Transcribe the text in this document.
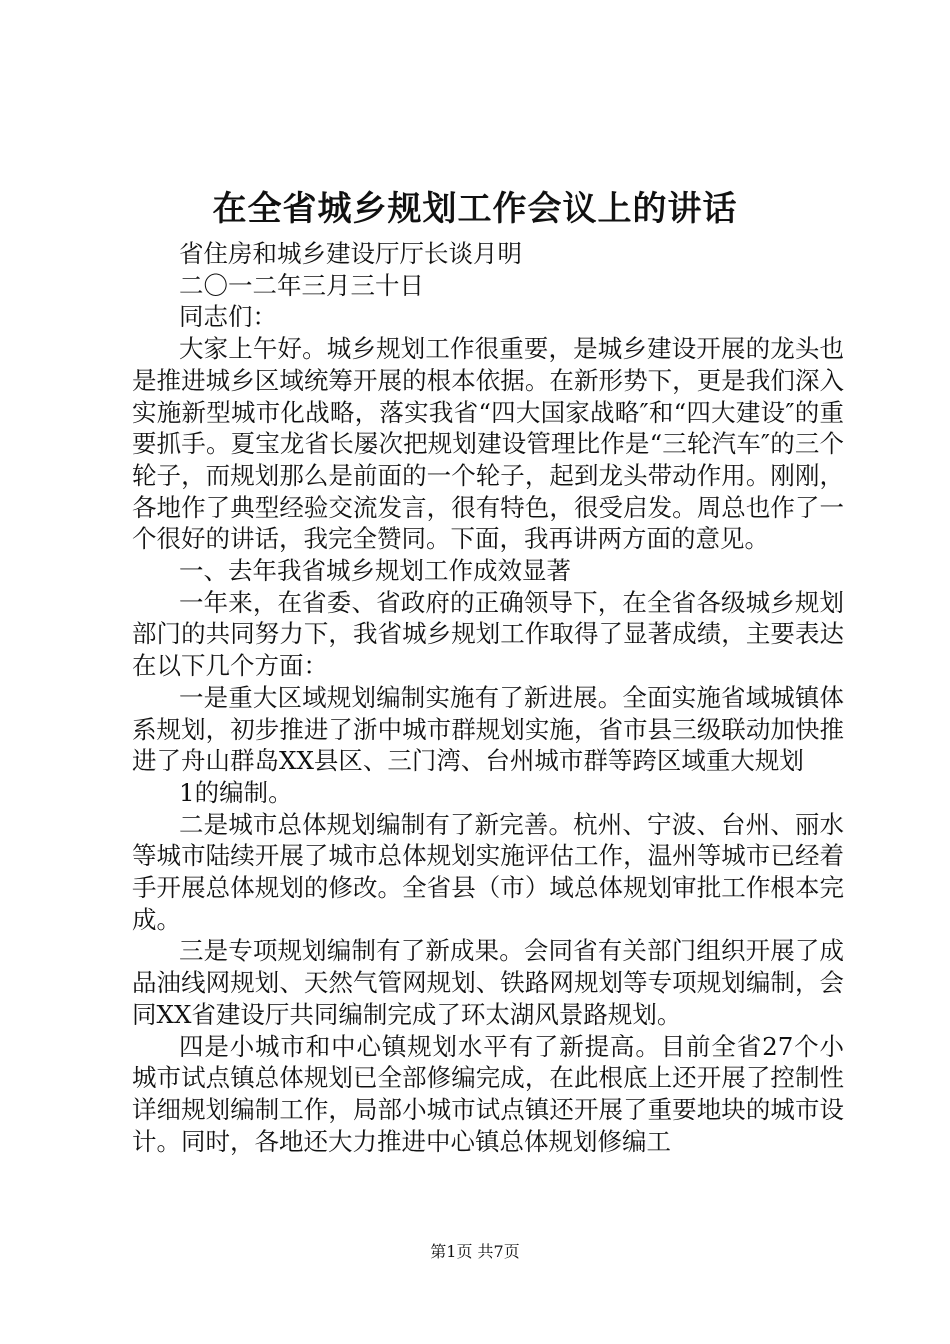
在全省城乡规划工作会议上的讲话

省住房和城乡建设厅厅长谈月明

二〇一二年三月三十日

同志们：

大家上午好。城乡规划工作很重要，是城乡建设开展的龙头也是推进城乡区域统筹开展的根本依据。在新形势下，更是我们深入实施新型城市化战略，落实我省“四大国家战略″和“四大建设″的重要抓手。夏宝龙省长屡次把规划建设管理比作是“三轮汽车″的三个轮子，而规划那么是前面的一个轮子，起到龙头带动作用。刚刚，各地作了典型经验交流发言，很有特色，很受启发。周总也作了一个很好的讲话，我完全赞同。下面，我再讲两方面的意见。

一、去年我省城乡规划工作成效显著

一年来，在省委、省政府的正确领导下，在全省各级城乡规划部门的共同努力下，我省城乡规划工作取得了显著成绩，主要表达在以下几个方面：

一是重大区域规划编制实施有了新进展。全面实施省域城镇体系规划，初步推进了浙中城市群规划实施，省市县三级联动加快推进了舟山群岛XX县区、三门湾、台州城市群等跨区域重大规划

1的编制。

二是城市总体规划编制有了新完善。杭州、宁波、台州、丽水等城市陆续开展了城市总体规划实施评估工作，温州等城市已经着手开展总体规划的修改。全省县（市）域总体规划审批工作根本完成。

三是专项规划编制有了新成果。会同省有关部门组织开展了成品油线网规划、天然气管网规划、铁路网规划等专项规划编制，会同XX省建设厅共同编制完成了环太湖风景路规划。

四是小城市和中心镇规划水平有了新提高。目前全省27个小城市试点镇总体规划已全部修编完成，在此根底上还开展了控制性详细规划编制工作，局部小城市试点镇还开展了重要地块的城市设计。同时，各地还大力推进中心镇总体规划修编工

第1页 共7页
